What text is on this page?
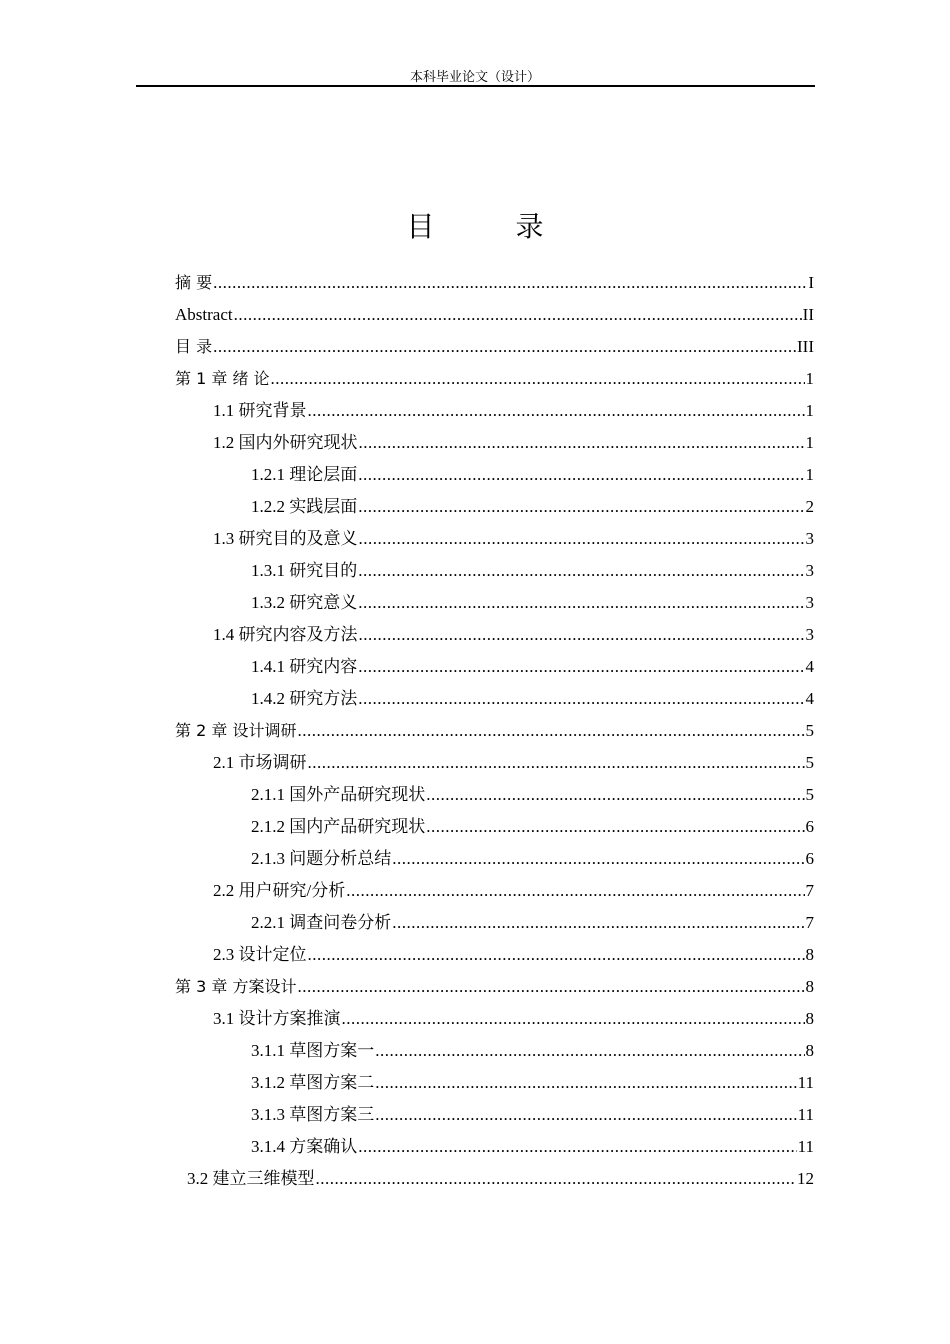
本科毕业论文（设计）
目 录
摘 要 .....	I
Abstract .....	II
目 录 .....	III
第 1 章 绪 论 .....	1
1.1 研究背景 .....	1
1.2 国内外研究现状 .....	1
1.2.1 理论层面 .....	1
1.2.2 实践层面 .....	2
1.3 研究目的及意义 .....	3
1.3.1 研究目的 .....	3
1.3.2 研究意义 .....	3
1.4 研究内容及方法 .....	3
1.4.1 研究内容 .....	4
1.4.2 研究方法 .....	4
第 2 章 设计调研 .....	5
2.1 市场调研 .....	5
2.1.1 国外产品研究现状 .....	5
2.1.2 国内产品研究现状 .....	6
2.1.3 问题分析总结 .....	6
2.2 用户研究/分析 .....	7
2.2.1 调查问卷分析 .....	7
2.3 设计定位 .....	8
第 3 章 方案设计 .....	8
3.1 设计方案推演 .....	8
3.1.1 草图方案一 .....	8
3.1.2 草图方案二 .....	11
3.1.3 草图方案三 .....	11
3.1.4 方案确认 .....	11
3.2 建立三维模型 .....	12
